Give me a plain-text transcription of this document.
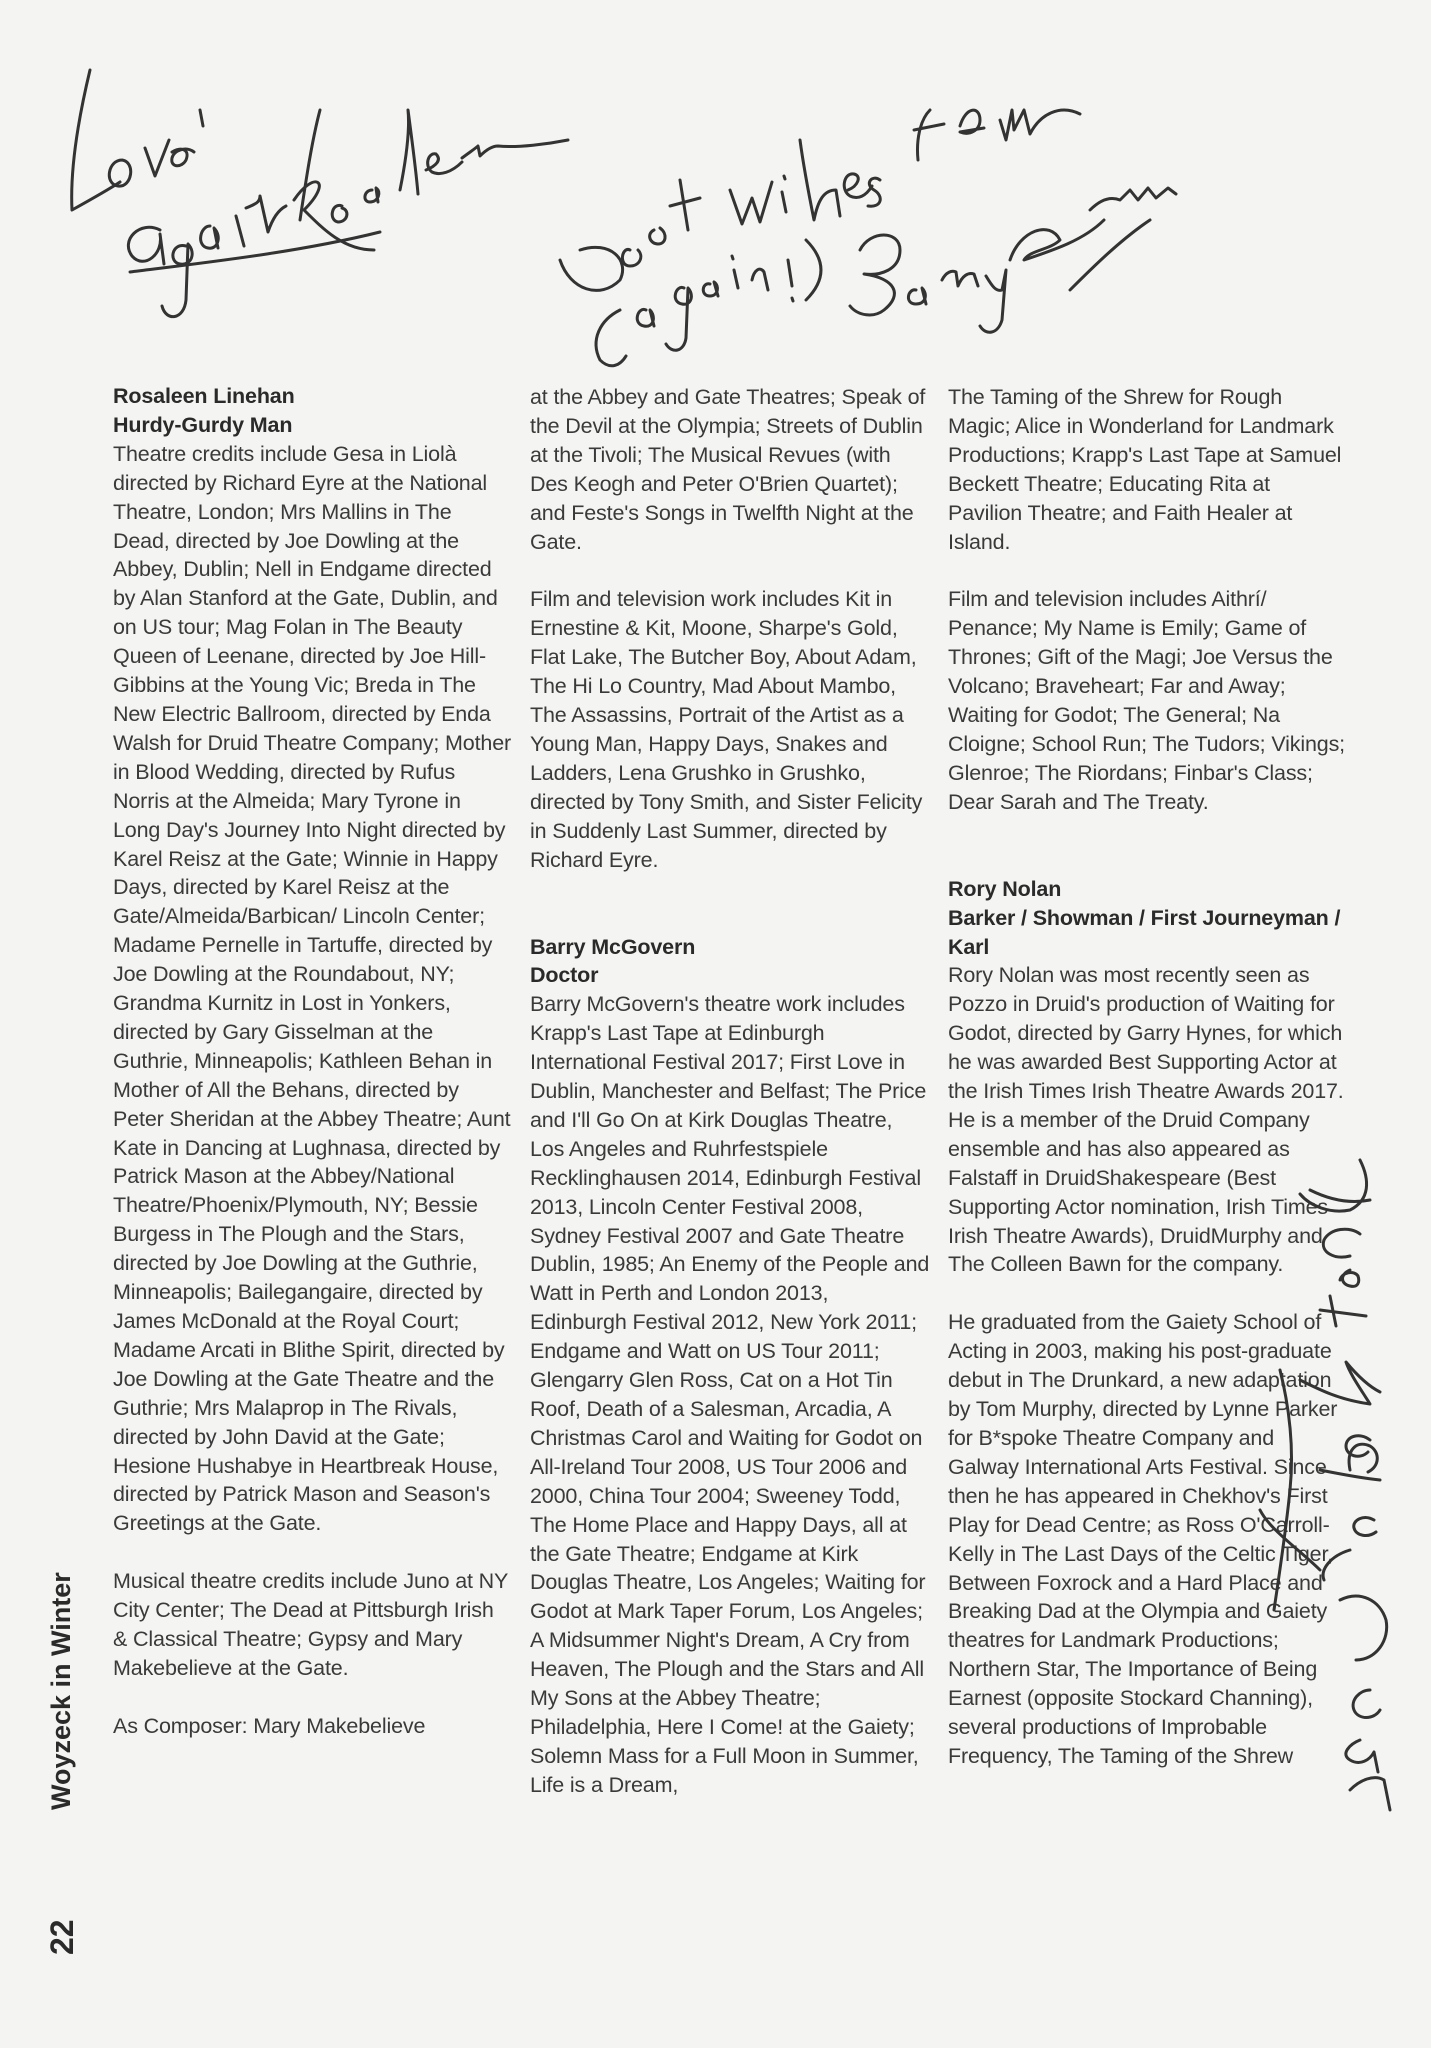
Rosaleen Linehan
Hurdy-Gurdy Man

Theatre credits include Gesa in Liolà directed by Richard Eyre at the National Theatre, London; Mrs Mallins in The Dead, directed by Joe Dowling at the Abbey, Dublin; Nell in Endgame directed by Alan Stanford at the Gate, Dublin, and on US tour; Mag Folan in The Beauty Queen of Leenane, directed by Joe Hill-Gibbins at the Young Vic; Breda in The New Electric Ballroom, directed by Enda Walsh for Druid Theatre Company; Mother in Blood Wedding, directed by Rufus Norris at the Almeida; Mary Tyrone in Long Day's Journey Into Night directed by Karel Reisz at the Gate; Winnie in Happy Days, directed by Karel Reisz at the Gate/Almeida/Barbican/ Lincoln Center; Madame Pernelle in Tartuffe, directed by Joe Dowling at the Roundabout, NY; Grandma Kurnitz in Lost in Yonkers, directed by Gary Gisselman at the Guthrie, Minneapolis; Kathleen Behan in Mother of All the Behans, directed by Peter Sheridan at the Abbey Theatre; Aunt Kate in Dancing at Lughnasa, directed by Patrick Mason at the Abbey/National Theatre/Phoenix/Plymouth, NY; Bessie Burgess in The Plough and the Stars, directed by Joe Dowling at the Guthrie, Minneapolis; Bailegangaire, directed by James McDonald at the Royal Court; Madame Arcati in Blithe Spirit, directed by Joe Dowling at the Gate Theatre and the Guthrie; Mrs Malaprop in The Rivals, directed by John David at the Gate; Hesione Hushabye in Heartbreak House, directed by Patrick Mason and Season's Greetings at the Gate.

Musical theatre credits include Juno at NY City Center; The Dead at Pittsburgh Irish & Classical Theatre; Gypsy and Mary Makebelieve at the Gate.

As Composer: Mary Makebelieve

at the Abbey and Gate Theatres; Speak of the Devil at the Olympia; Streets of Dublin at the Tivoli; The Musical Revues (with Des Keogh and Peter O'Brien Quartet); and Feste's Songs in Twelfth Night at the Gate.

Film and television work includes Kit in Ernestine & Kit, Moone, Sharpe's Gold, Flat Lake, The Butcher Boy, About Adam, The Hi Lo Country, Mad About Mambo, The Assassins, Portrait of the Artist as a Young Man, Happy Days, Snakes and Ladders, Lena Grushko in Grushko, directed by Tony Smith, and Sister Felicity in Suddenly Last Summer, directed by Richard Eyre.

Barry McGovern
Doctor

Barry McGovern's theatre work includes Krapp's Last Tape at Edinburgh International Festival 2017; First Love in Dublin, Manchester and Belfast; The Price and I'll Go On at Kirk Douglas Theatre, Los Angeles and Ruhrfestspiele Recklinghausen 2014, Edinburgh Festival 2013, Lincoln Center Festival 2008, Sydney Festival 2007 and Gate Theatre Dublin, 1985; An Enemy of the People and Watt in Perth and London 2013, Edinburgh Festival 2012, New York 2011; Endgame and Watt on US Tour 2011; Glengarry Glen Ross, Cat on a Hot Tin Roof, Death of a Salesman, Arcadia, A Christmas Carol and Waiting for Godot on All-Ireland Tour 2008, US Tour 2006 and 2000, China Tour 2004; Sweeney Todd, The Home Place and Happy Days, all at the Gate Theatre; Endgame at Kirk Douglas Theatre, Los Angeles; Waiting for Godot at Mark Taper Forum, Los Angeles; A Midsummer Night's Dream, A Cry from Heaven, The Plough and the Stars and All My Sons at the Abbey Theatre; Philadelphia, Here I Come! at the Gaiety; Solemn Mass for a Full Moon in Summer, Life is a Dream,

The Taming of the Shrew for Rough Magic; Alice in Wonderland for Landmark Productions; Krapp's Last Tape at Samuel Beckett Theatre; Educating Rita at Pavilion Theatre; and Faith Healer at Island.

Film and television includes Aithrí/ Penance; My Name is Emily; Game of Thrones; Gift of the Magi; Joe Versus the Volcano; Braveheart; Far and Away; Waiting for Godot; The General; Na Cloigne; School Run; The Tudors; Vikings; Glenroe; The Riordans; Finbar's Class; Dear Sarah and The Treaty.

Rory Nolan
Barker / Showman / First Journeyman / Karl

Rory Nolan was most recently seen as Pozzo in Druid's production of Waiting for Godot, directed by Garry Hynes, for which he was awarded Best Supporting Actor at the Irish Times Irish Theatre Awards 2017. He is a member of the Druid Company ensemble and has also appeared as Falstaff in DruidShakespeare (Best Supporting Actor nomination, Irish Times Irish Theatre Awards), DruidMurphy and The Colleen Bawn for the company.

He graduated from the Gaiety School of Acting in 2003, making his post-graduate debut in The Drunkard, a new adaptation by Tom Murphy, directed by Lynne Parker for B*spoke Theatre Company and Galway International Arts Festival. Since then he has appeared in Chekhov's First Play for Dead Centre; as Ross O'Carroll-Kelly in The Last Days of the Celtic Tiger, Between Foxrock and a Hard Place and Breaking Dad at the Olympia and Gaiety theatres for Landmark Productions; Northern Star, The Importance of Being Earnest (opposite Stockard Channing), several productions of Improbable Frequency, The Taming of the Shrew

Woyzeck in Winter
22
